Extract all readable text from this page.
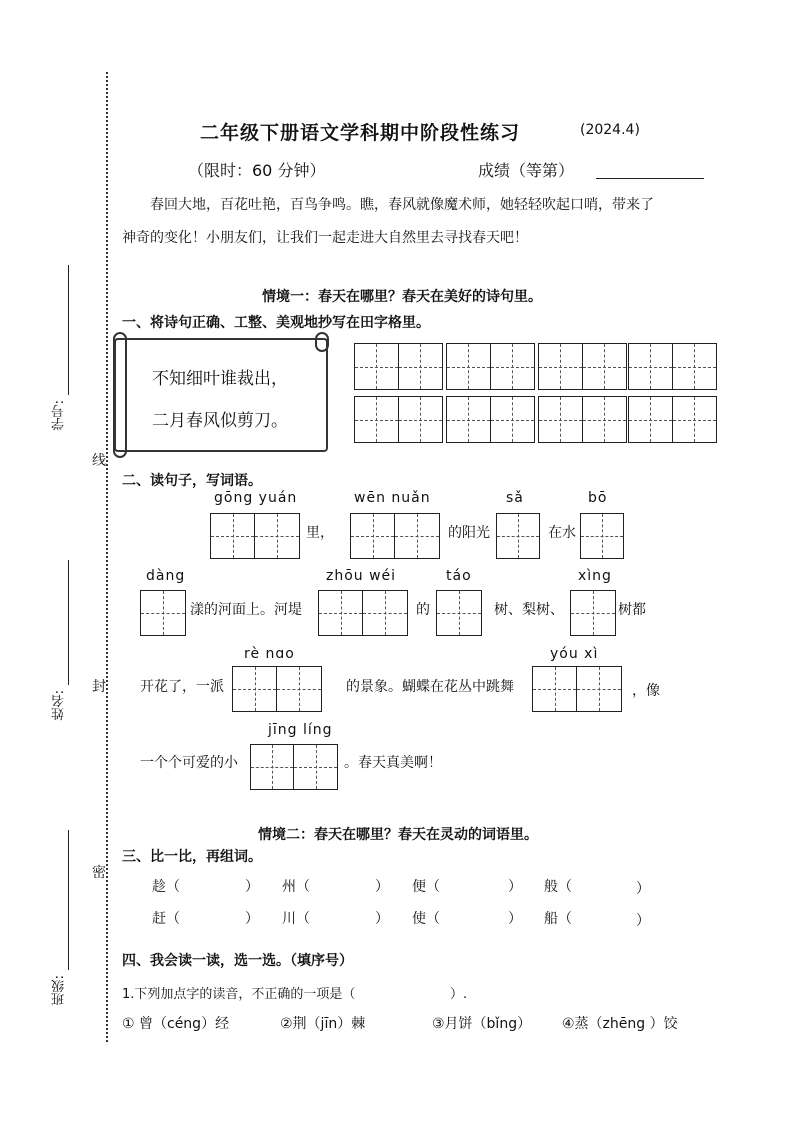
学号:
姓名:
班级:
线
封
密
二年级下册语文学科期中阶段性练习	(2024.4)
（限时：60 分钟）	成绩（等第）
春回大地，百花吐艳，百鸟争鸣。瞧，春风就像魔术师，她轻轻吹起口哨，带来了
神奇的变化！小朋友们，让我们一起走进大自然里去寻找春天吧！
情境一：春天在哪里？春天在美好的诗句里。
一、将诗句正确、工整、美观地抄写在田字格里。
不知细叶谁裁出，
二月春风似剪刀。
二、读句子，写词语。
gōng yuán
里，
wēn nuǎn
的阳光
sǎ
在水
bō
dàng
漾的河面上。河堤
zhōu wéi
的
táo
树、梨树、
xìng
树都
开花了，一派
rè nɑo
的景象。蝴蝶在花丛中跳舞
yóu xì
，像
一个个可爱的小
jīng líng
。春天真美啊！
情境二：春天在哪里？春天在灵动的词语里。
三、比一比，再组词。
趁（	） 州（	） 便（	） 般（	）
赶（	） 川（	） 使（	） 船（	）
四、我会读一读，选一选。（填序号）
1.下列加点字的读音，不正确的一项是（	）.
① 曾（céng）经	②荆（jīn）棘	③月饼（bǐng） ④蒸（zhēng ）饺
